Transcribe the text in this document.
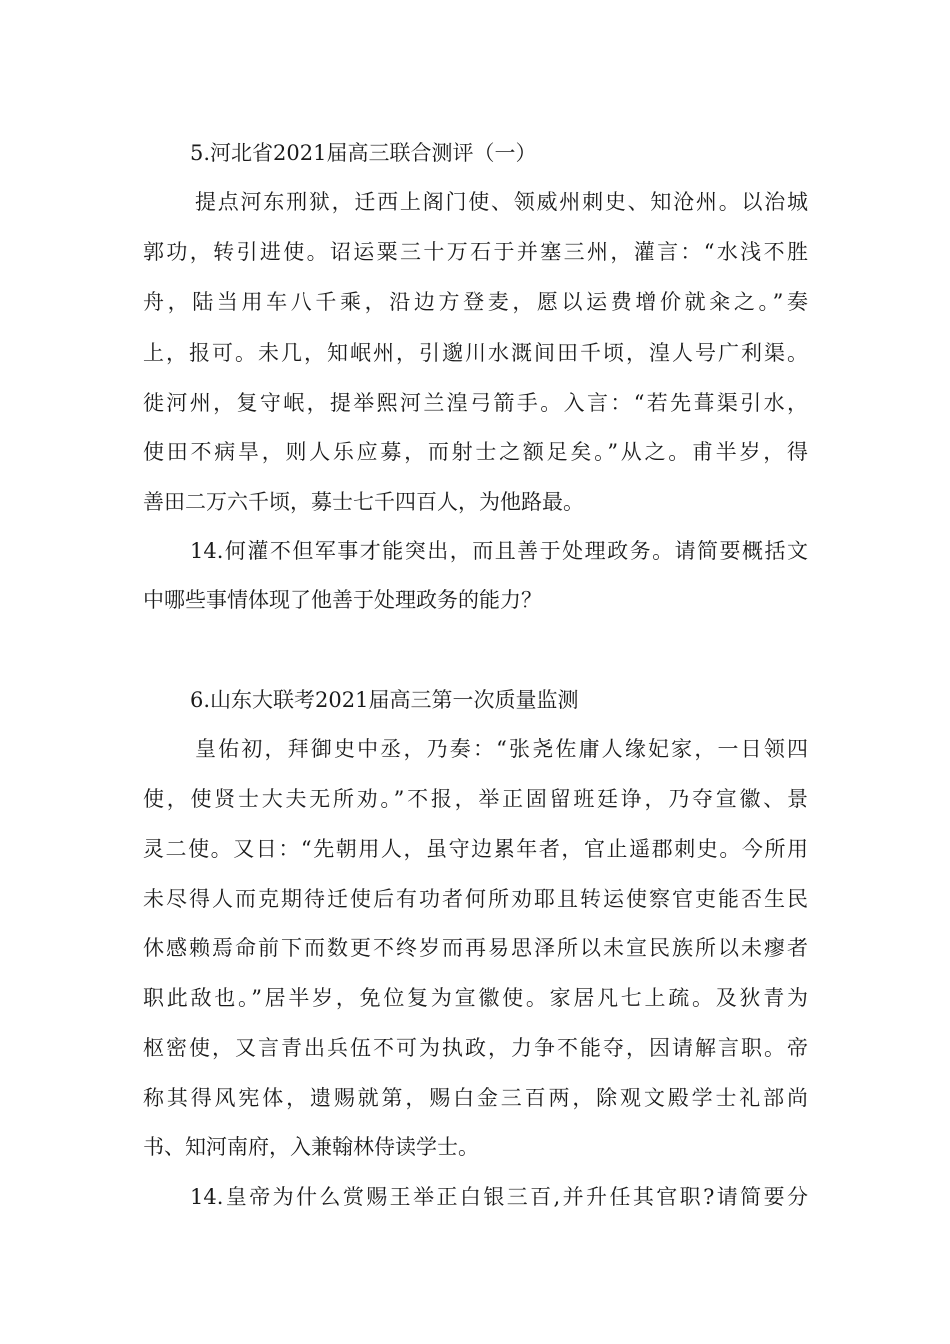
5.河北省2021届高三联合测评（一）
提点河东刑狱，迁西上阁门使、领威州刺史、知沧州。以治城
郭功，转引进使。诏运粟三十万石于并塞三州，灌言：“水浅不胜
舟，陆当用车八千乘，沿边方登麦，愿以运费增价就籴之。”奏
上，报可。未几，知岷州，引邈川水溉间田千顷，湟人号广利渠。
徙河州，复守岷，提举熙河兰湟弓箭手。入言：“若先葺渠引水，
使田不病旱，则人乐应募，而射士之额足矣。”从之。甫半岁，得
善田二万六千顷，募士七千四百人，为他路最。
14.何灌不但军事才能突出，而且善于处理政务。请简要概括文
中哪些事情体现了他善于处理政务的能力？
6.山东大联考2021届高三第一次质量监测
皇佑初，拜御史中丞，乃奏：“张尧佐庸人缘妃家，一日领四
使，使贤士大夫无所劝。”不报，举正固留班廷诤，乃夺宣徽、景
灵二使。又日：“先朝用人，虽守边累年者，官止遥郡刺史。今所用
未尽得人而克期待迁使后有功者何所劝耶且转运使察官吏能否生民
休感赖焉命前下而数更不终岁而再易思泽所以未宣民族所以未瘳者
职此敌也。”居半岁，免位复为宣徽使。家居凡七上疏。及狄青为
枢密使，又言青出兵伍不可为执政，力争不能夺，因请解言职。帝
称其得风宪体，遗赐就第，赐白金三百两，除观文殿学士礼部尚
书、知河南府，入兼翰林侍读学士。
14.皇帝为什么赏赐王举正白银三百,并升任其官职?请简要分
